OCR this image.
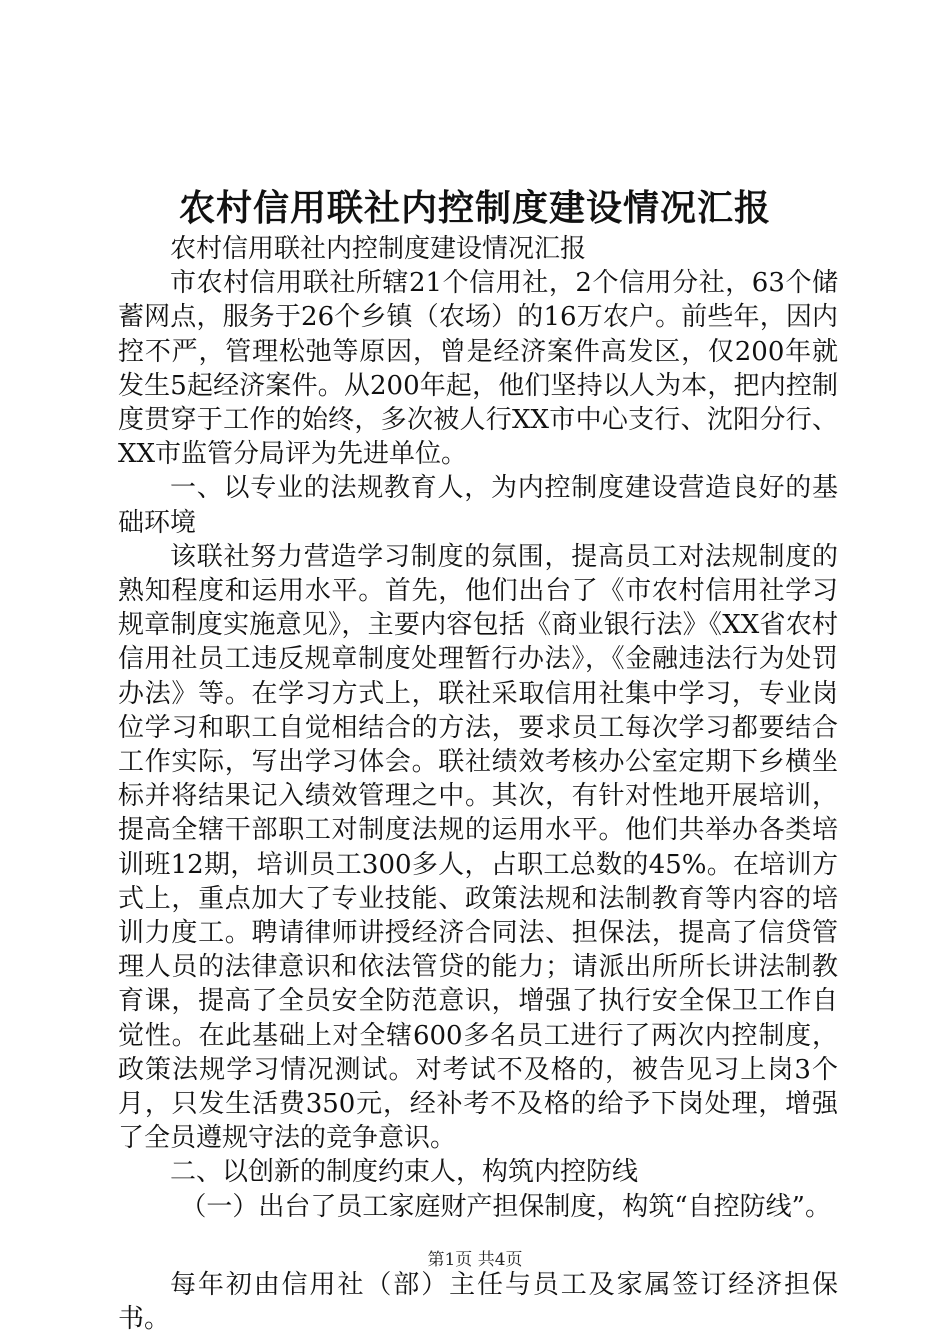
农村信用联社内控制度建设情况汇报

农村信用联社内控制度建设情况汇报

市农村信用联社所辖21个信用社，2个信用分社，63个储蓄网点，服务于26个乡镇（农场）的16万农户。前些年，因内控不严，管理松弛等原因，曾是经济案件高发区，仅200年就发生5起经济案件。从200年起，他们坚持以人为本，把内控制度贯穿于工作的始终，多次被人行XX市中心支行、沈阳分行、XX市监管分局评为先进单位。

一、以专业的法规教育人，为内控制度建设营造良好的基础环境

该联社努力营造学习制度的氛围，提高员工对法规制度的熟知程度和运用水平。首先，他们出台了《市农村信用社学习规章制度实施意见》，主要内容包括《商业银行法》《XX省农村信用社员工违反规章制度处理暂行办法》，《金融违法行为处罚办法》等。在学习方式上，联社采取信用社集中学习，专业岗位学习和职工自觉相结合的方法，要求员工每次学习都要结合工作实际，写出学习体会。联社绩效考核办公室定期下乡横坐标并将结果记入绩效管理之中。其次，有针对性地开展培训，提高全辖干部职工对制度法规的运用水平。他们共举办各类培训班12期，培训员工300多人，占职工总数的45%。在培训方式上，重点加大了专业技能、政策法规和法制教育等内容的培训力度工。聘请律师讲授经济合同法、担保法，提高了信贷管理人员的法律意识和依法管贷的能力；请派出所所长讲法制教育课，提高了全员安全防范意识，增强了执行安全保卫工作自觉性。在此基础上对全辖600多名员工进行了两次内控制度，政策法规学习情况测试。对考试不及格的，被告见习上岗3个月，只发生活费350元，经补考不及格的给予下岗处理，增强了全员遵规守法的竞争意识。

二、以创新的制度约束人，构筑内控防线

（一）出台了员工家庭财产担保制度，构筑“自控防线”。

每年初由信用社（部）主任与员工及家属签订经济担保书。

第1页 共4页
